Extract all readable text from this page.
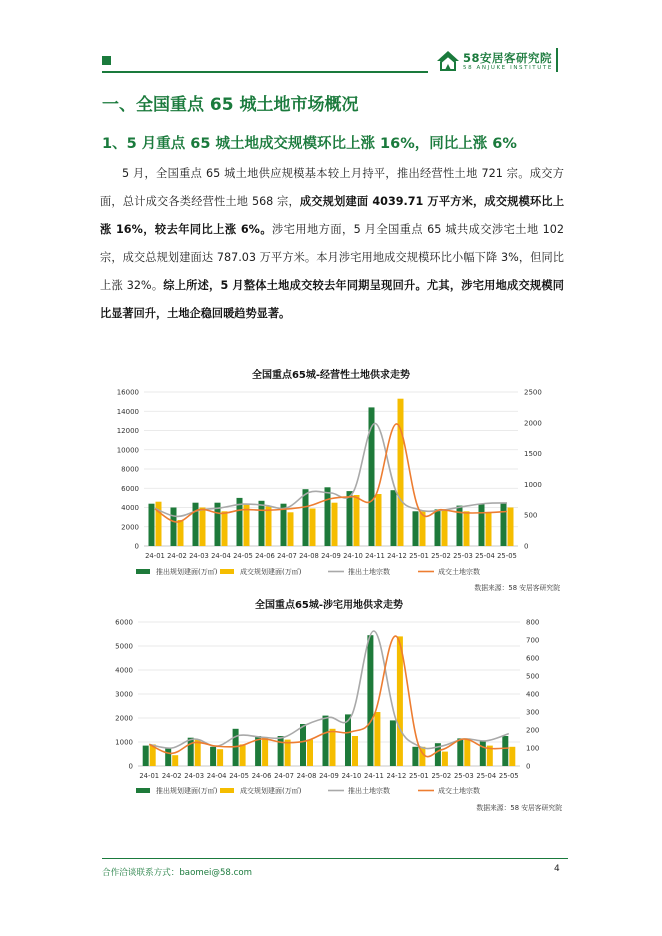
58安居客研究院
58 ANJUKE INSTITUTE
一、全国重点 65 城土地市场概况
1、5 月重点 65 城土地成交规模环比上涨 16%，同比上涨 6%
5 月，全国重点 65 城土地供应规模基本较上月持平，推出经营性土地 721 宗。成交方面，总计成交各类经营性土地 568 宗，成交规划建面 4039.71 万平方米，成交规模环比上涨 16%，较去年同比上涨 6%。涉宅用地方面，5 月全国重点 65 城共成交涉宅土地 102 宗，成交总规划建面达 787.03 万平方米。本月涉宅用地成交规模环比小幅下降 3%，但同比上涨 32%。综上所述，5 月整体土地成交较去年同期呈现回升。尤其，涉宅用地成交规模同比显著回升，土地企稳回暖趋势显著。
全国重点65城-经营性土地供求走势
0
2000
4000
6000
8000
10000
12000
14000
16000
0
500
1000
1500
2000
2500
24-01 24-02 24-03 24-04 24-05 24-06 24-07 24-08 24-09 24-10 24-11 24-12 25-01 25-02 25-03 25-04 25-05
推出规划建面(万㎡)	成交规划建面(万㎡)	推出土地宗数	成交土地宗数
数据来源：58 安居客研究院
全国重点65城-涉宅用地供求走势
0
1000
2000
3000
4000
5000
6000
0
100
200
300
400
500
600
700
800
24-01 24-02 24-03 24-04 24-05 24-06 24-07 24-08 24-09 24-10 24-11 24-12 25-01 25-02 25-03 25-04 25-05
推出规划建面(万㎡)	成交规划建面(万㎡)	推出土地宗数	成交土地宗数
数据来源：58 安居客研究院
合作洽谈联系方式：baomei@58.com	4
